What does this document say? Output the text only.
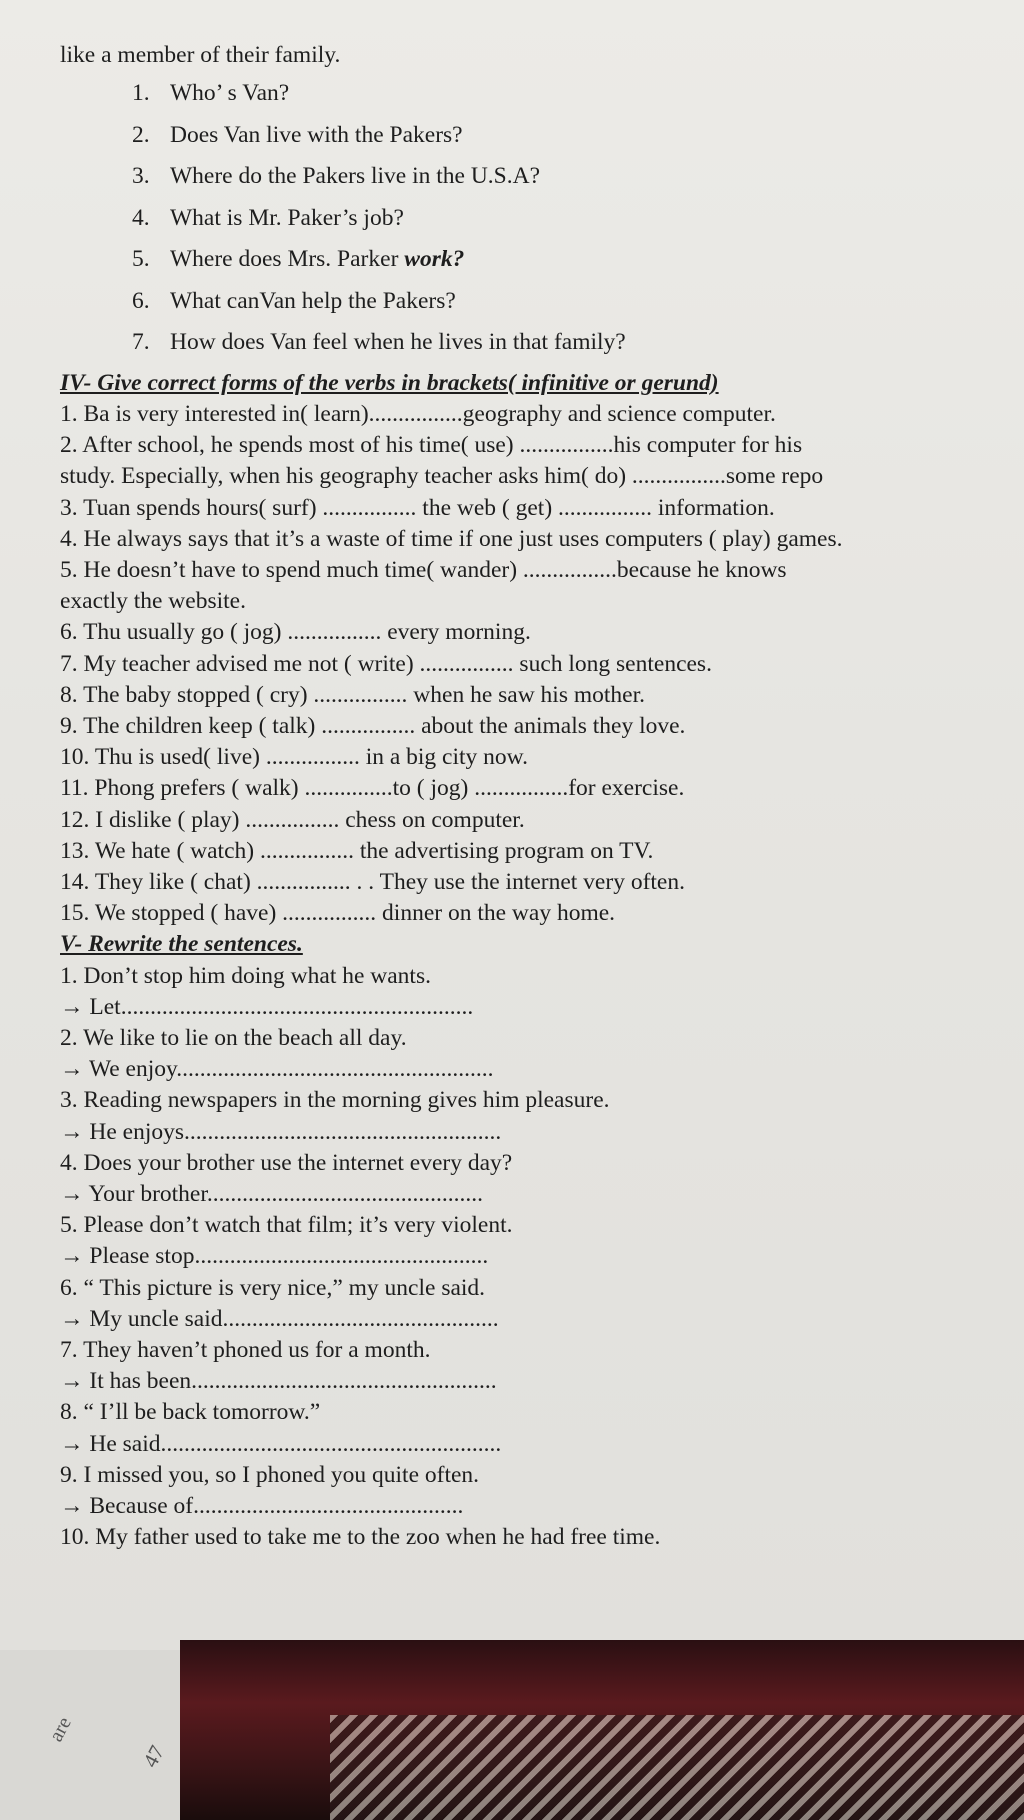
are
47
like a member of their family.
1. Who’ s Van?
2. Does Van live with the Pakers?
3. Where do the Pakers live in the U.S.A?
4. What is Mr. Paker’s job?
5. Where does Mrs. Parker work?
6. What canVan help the Pakers?
7. How does Van feel when he lives in that family?
IV- Give correct forms of the verbs in brackets( infinitive or gerund)
1. Ba is very interested in( learn)................geography and science computer.
2. After school, he spends most of his time( use) ................his computer for his
study. Especially, when his geography teacher asks him( do) ................some repo
3. Tuan spends hours( surf) ................ the web ( get) ................ information.
4. He always says that it’s a waste of time if one just uses computers ( play) games.
5. He doesn’t have to spend much time( wander) ................because he knows
exactly the website.
6. Thu usually go ( jog) ................ every morning.
7. My teacher advised me not ( write) ................ such long sentences.
8. The baby stopped ( cry) ................ when he saw his mother.
9. The children keep ( talk) ................ about the animals they love.
10. Thu is used( live) ................ in a big city now.
11. Phong prefers ( walk) ...............to ( jog) ................for exercise.
12. I dislike ( play) ................ chess on computer.
13. We hate ( watch) ................ the advertising program on TV.
14. They like ( chat) ................ . . They use the internet very often.
15. We stopped ( have) ................ dinner on the way home.
V- Rewrite the sentences.
1. Don’t stop him doing what he wants.
→ Let............................................................
2. We like to lie on the beach all day.
→ We enjoy......................................................
3. Reading newspapers in the morning gives him pleasure.
→ He enjoys......................................................
4. Does your brother use the internet every day?
→ Your brother...............................................
5. Please don’t watch that film; it’s very violent.
→ Please stop..................................................
6. “ This picture is very nice,” my uncle said.
→ My uncle said...............................................
7. They haven’t phoned us for a month.
→ It has been....................................................
8. “ I’ll be back tomorrow.”
→ He said..........................................................
9. I missed you, so I phoned you quite often.
→ Because of..............................................
10. My father used to take me to the zoo when he had free time.
